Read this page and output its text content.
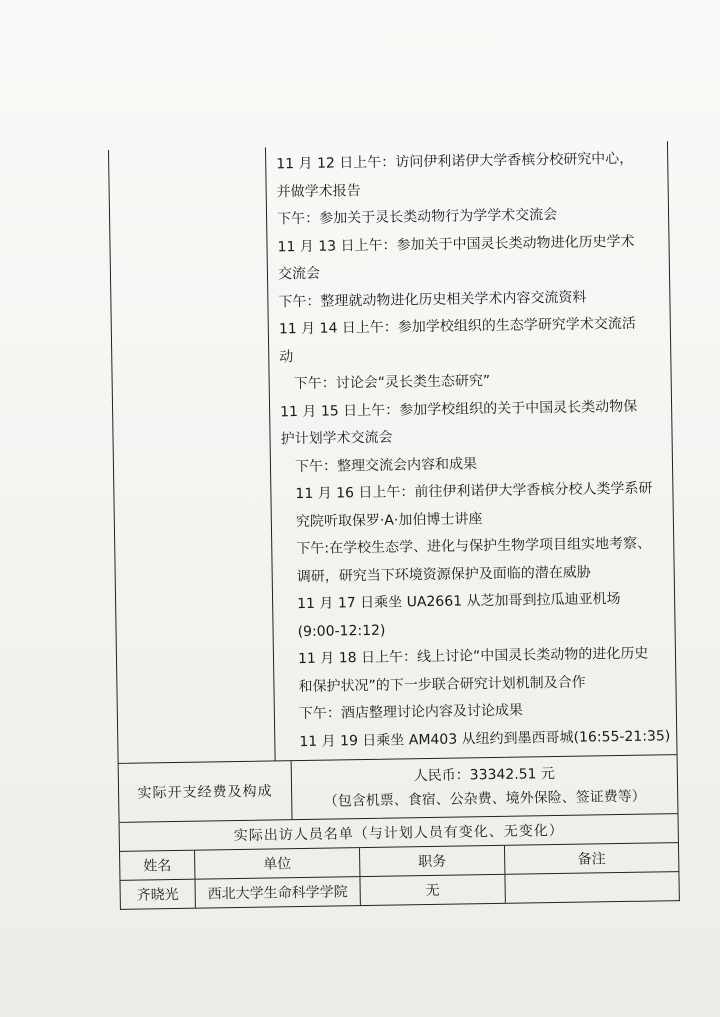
11 月 12 日上午：访问伊利诺伊大学香槟分校研究中心，
并做学术报告
下午：参加关于灵长类动物行为学学术交流会
11 月 13 日上午：参加关于中国灵长类动物进化历史学术
交流会
下午：整理就动物进化历史相关学术内容交流资料
11 月 14 日上午：参加学校组织的生态学研究学术交流活
动
下午：讨论会“灵长类生态研究”
11 月 15 日上午：参加学校组织的关于中国灵长类动物保
护计划学术交流会
下午：整理交流会内容和成果
11 月 16 日上午：前往伊利诺伊大学香槟分校人类学系研
究院听取保罗·A·加伯博士讲座
下午:在学校生态学、进化与保护生物学项目组实地考察、
调研，研究当下环境资源保护及面临的潜在威胁
11 月 17 日乘坐 UA2661 从芝加哥到拉瓜迪亚机场
(9:00-12:12)
11 月 18 日上午：线上讨论“中国灵长类动物的进化历史
和保护状况”的下一步联合研究计划机制及合作
下午：酒店整理讨论内容及讨论成果
11 月 19 日乘坐 AM403 从纽约到墨西哥城(16:55-21:35)
实际开支经费及构成
人民币：33342.51 元
（包含机票、食宿、公杂费、境外保险、签证费等）
实际出访人员名单（与计划人员有变化、无变化）
姓名	单位	职务	备注
齐晓光	西北大学生命科学学院	无
